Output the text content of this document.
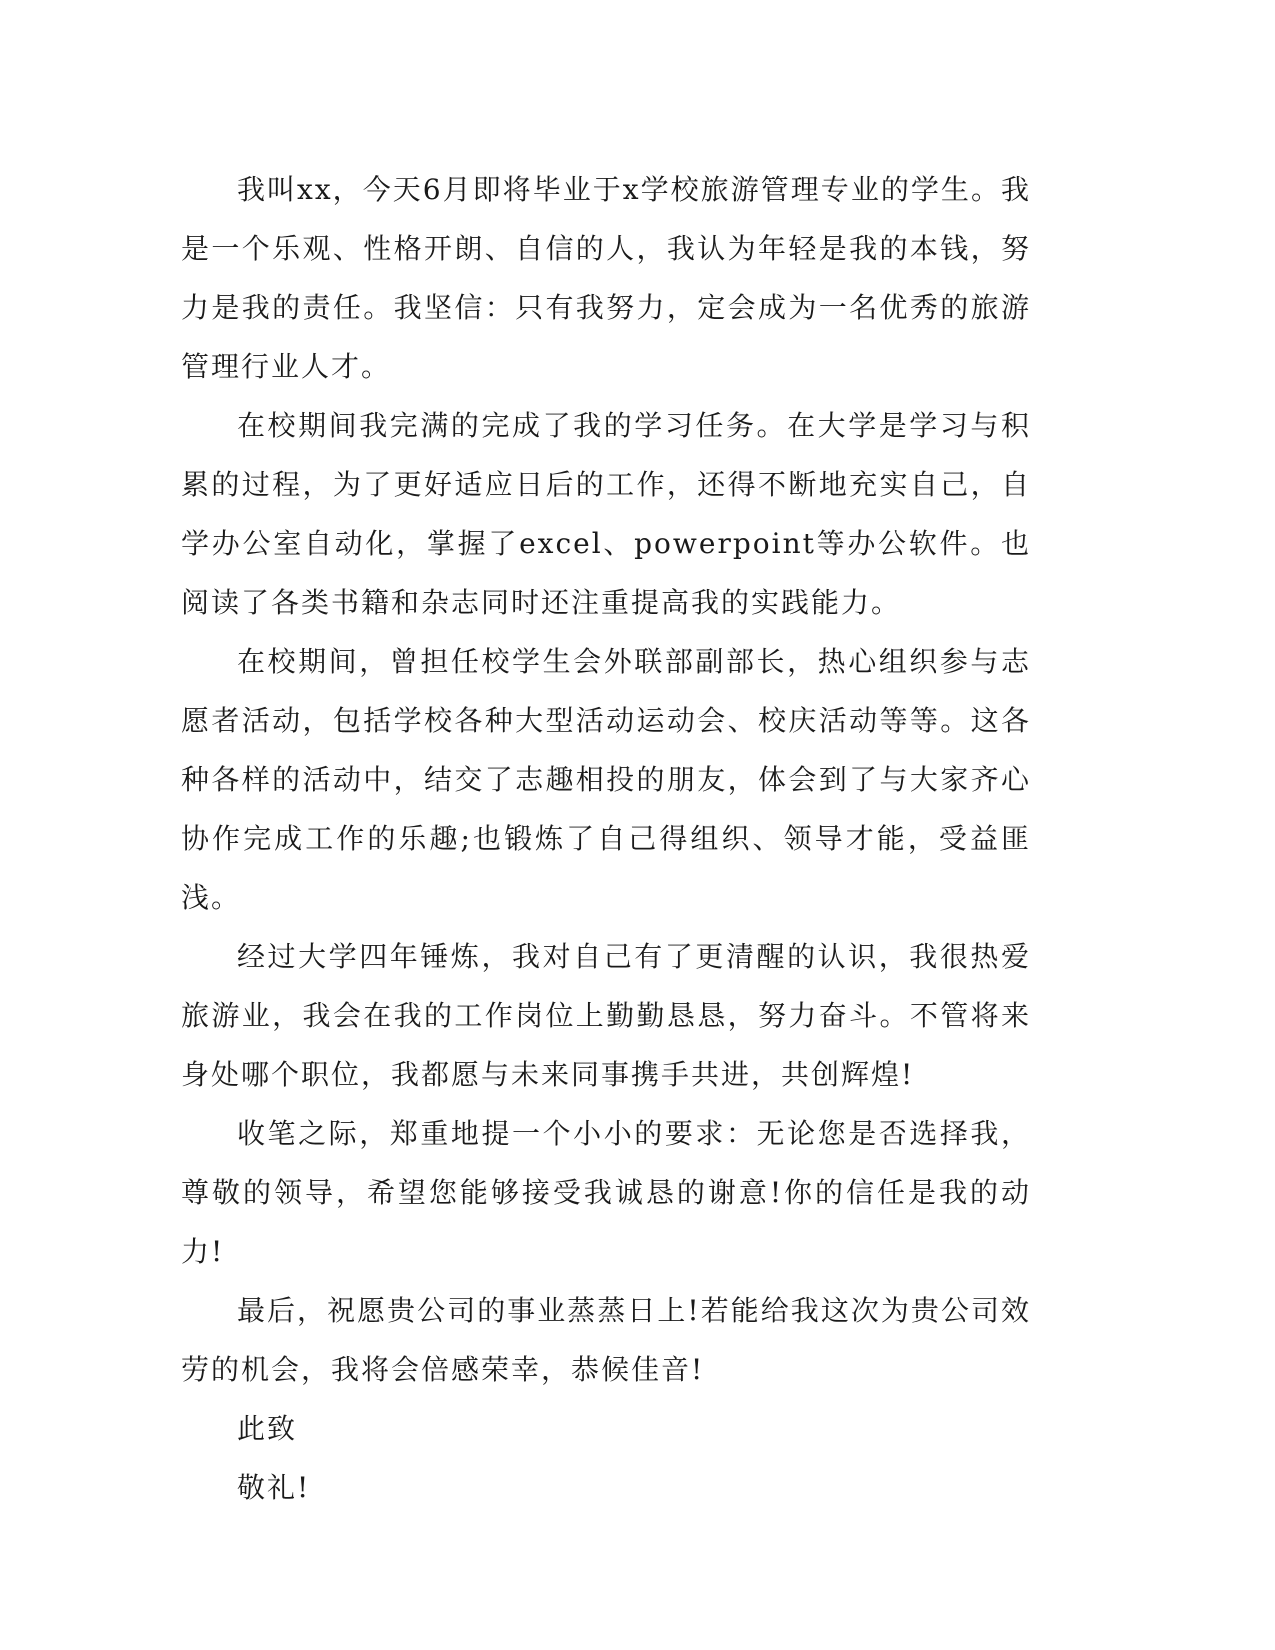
我叫xx，今天6月即将毕业于x学校旅游管理专业的学生。我是一个乐观、性格开朗、自信的人，我认为年轻是我的本钱，努力是我的责任。我坚信：只有我努力，定会成为一名优秀的旅游管理行业人才。

在校期间我完满的完成了我的学习任务。在大学是学习与积累的过程，为了更好适应日后的工作，还得不断地充实自己，自学办公室自动化，掌握了excel、powerpoint等办公软件。也阅读了各类书籍和杂志同时还注重提高我的实践能力。

在校期间，曾担任校学生会外联部副部长，热心组织参与志愿者活动，包括学校各种大型活动运动会、校庆活动等等。这各种各样的活动中，结交了志趣相投的朋友，体会到了与大家齐心协作完成工作的乐趣;也锻炼了自己得组织、领导才能，受益匪浅。

经过大学四年锤炼，我对自己有了更清醒的认识，我很热爱旅游业，我会在我的工作岗位上勤勤恳恳，努力奋斗。不管将来身处哪个职位，我都愿与未来同事携手共进，共创辉煌!

收笔之际，郑重地提一个小小的要求：无论您是否选择我，尊敬的领导，希望您能够接受我诚恳的谢意!你的信任是我的动力!

最后，祝愿贵公司的事业蒸蒸日上!若能给我这次为贵公司效劳的机会，我将会倍感荣幸，恭候佳音!

此致

敬礼!
